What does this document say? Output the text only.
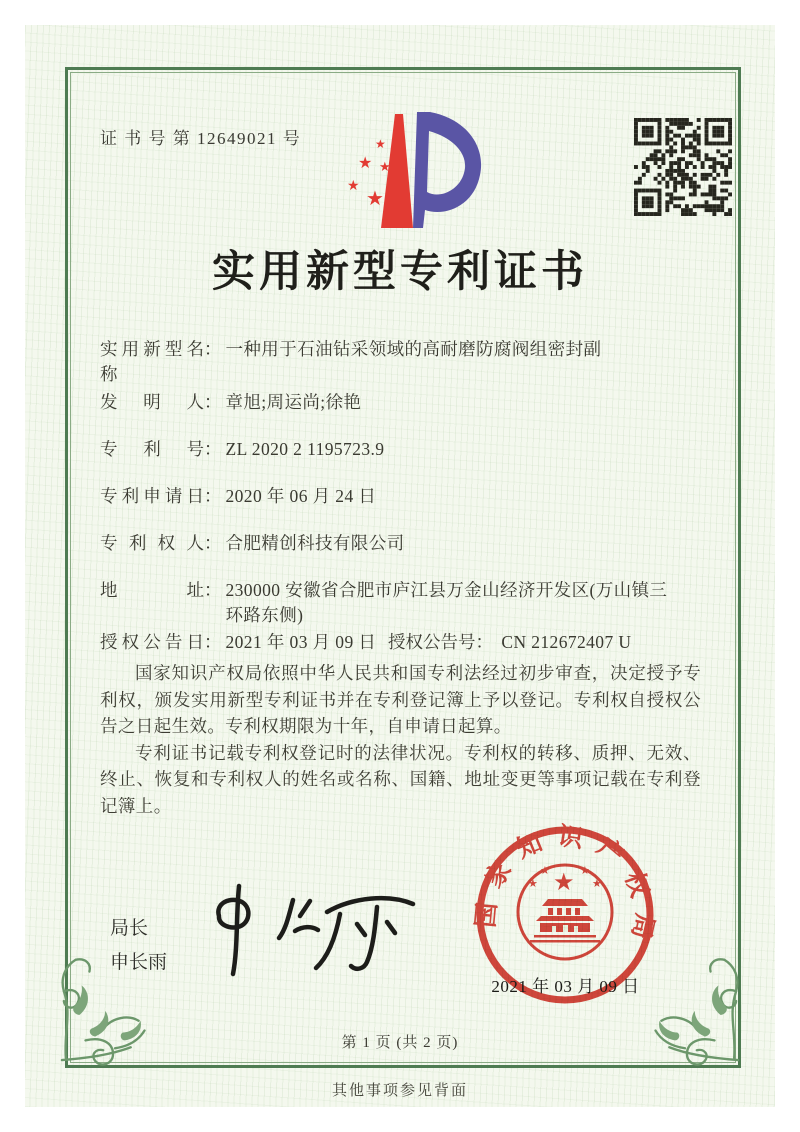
证 书 号 第 12649021 号	★
★ ★
★ ★
实用新型专利证书
实用新型名称
： 一种用于石油钻采领域的高耐磨防腐阀组密封副
发明人 ： 章旭;周运尚;徐艳
专利号 ： ZL 2020 2 1195723.9
专利申请日 ： 2020 年 06 月 24 日
专利权人 ： 合肥精创科技有限公司
地址 ： 230000 安徽省合肥市庐江县万金山经济开发区(万山镇三环路东侧)
授权公告日 ： 2021 年 03 月 09 日 授权公告号： CN 212672407 U

国家知识产权局依照中华人民共和国专利法经过初步审查，决定授予专利权，颁发实用新型专利证书并在专利登记簿上予以登记。专利权自授权公告之日起生效。专利权期限为十年，自申请日起算。

专利证书记载专利权登记时的法律状况。专利权的转移、质押、无效、终止、恢复和专利权人的姓名或名称、国籍、地址变更等事项记载在专利登记簿上。

局长
申长雨
国家知识产权局
★
★
★	★
★
2021 年 03 月 09 日
第 1 页 (共 2 页)
其他事项参见背面
